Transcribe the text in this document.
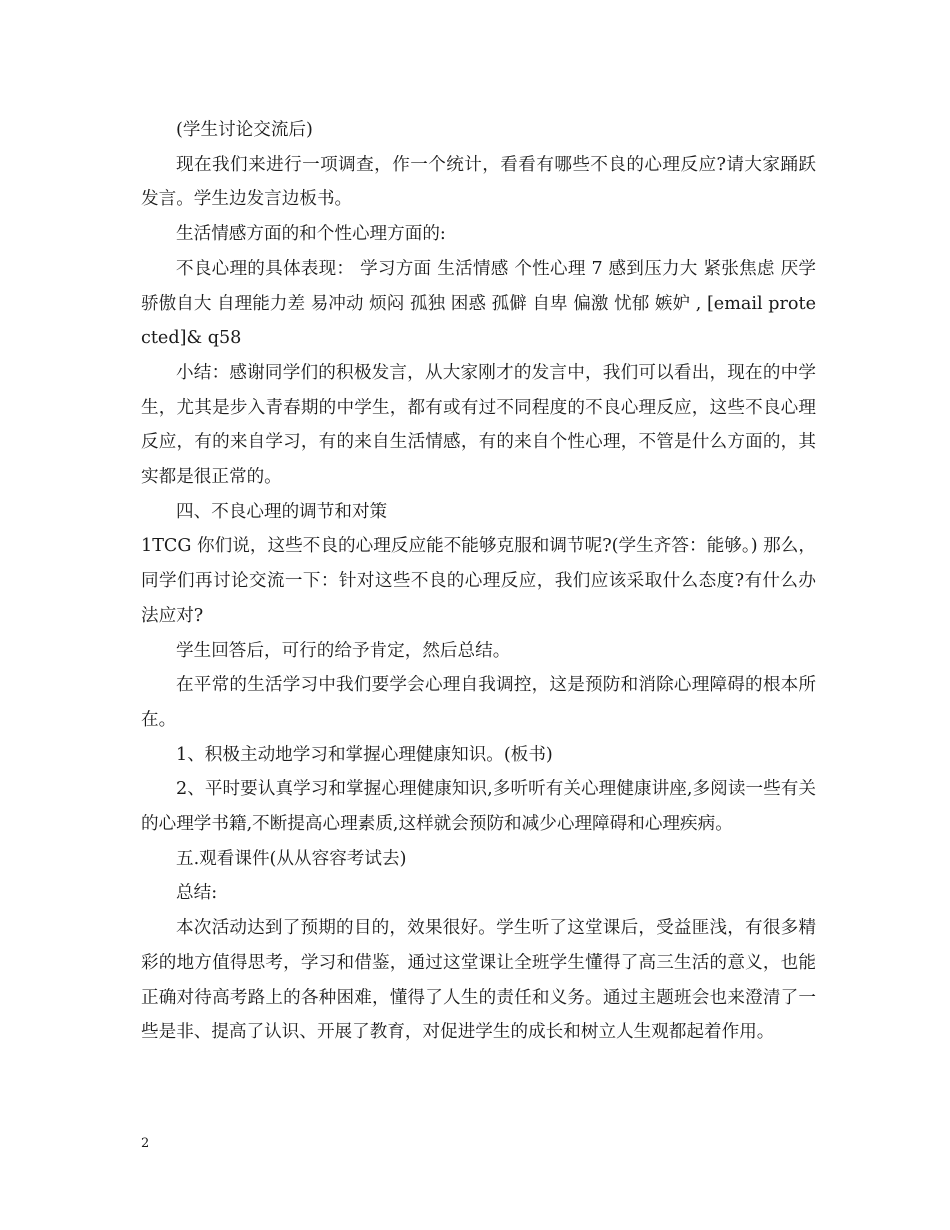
(学生讨论交流后)

现在我们来进行一项调查，作一个统计，看看有哪些不良的心理反应?请大家踊跃发言。学生边发言边板书。

生活情感方面的和个性心理方面的:

不良心理的具体表现： 学习方面 生活情感 个性心理 7 感到压力大 紧张焦虑 厌学 骄傲自大 自理能力差 易冲动 烦闷 孤独 困惑 孤僻 自卑 偏激 忧郁 嫉妒 , [email protected]& q58

小结：感谢同学们的积极发言，从大家刚才的发言中，我们可以看出，现在的中学生，尤其是步入青春期的中学生，都有或有过不同程度的不良心理反应，这些不良心理反应，有的来自学习，有的来自生活情感，有的来自个性心理，不管是什么方面的，其实都是很正常的。

四、不良心理的调节和对策

1TCG 你们说，这些不良的心理反应能不能够克服和调节呢?(学生齐答：能够。) 那么，同学们再讨论交流一下：针对这些不良的心理反应，我们应该采取什么态度?有什么办法应对?

学生回答后，可行的给予肯定，然后总结。

在平常的生活学习中我们要学会心理自我调控，这是预防和消除心理障碍的根本所在。

1、积极主动地学习和掌握心理健康知识。(板书)

2、平时要认真学习和掌握心理健康知识,多听听有关心理健康讲座,多阅读一些有关的心理学书籍,不断提高心理素质,这样就会预防和减少心理障碍和心理疾病。

五.观看课件(从从容容考试去)

总结:

本次活动达到了预期的目的，效果很好。学生听了这堂课后，受益匪浅，有很多精彩的地方值得思考，学习和借鉴，通过这堂课让全班学生懂得了高三生活的意义，也能正确对待高考路上的各种困难，懂得了人生的责任和义务。通过主题班会也来澄清了一些是非、提高了认识、开展了教育，对促进学生的成长和树立人生观都起着作用。

2
